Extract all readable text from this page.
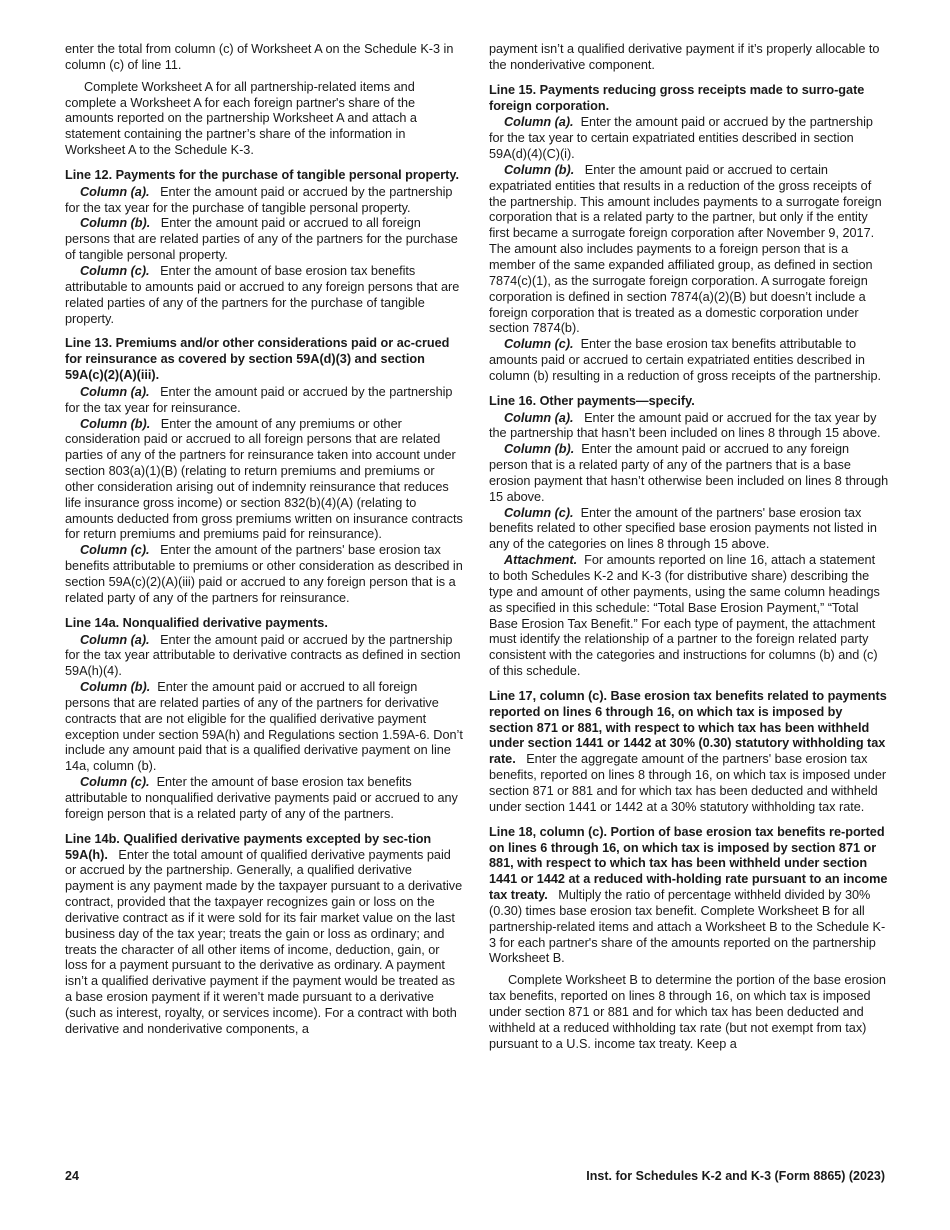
enter the total from column (c) of Worksheet A on the Schedule K-3 in column (c) of line 11.

Complete Worksheet A for all partnership-related items and complete a Worksheet A for each foreign partner's share of the amounts reported on the partnership Worksheet A and attach a statement containing the partner’s share of the information in Worksheet A to the Schedule K-3.

Line 12. Payments for the purchase of tangible personal property.

Column (a). Enter the amount paid or accrued by the partnership for the tax year for the purchase of tangible personal property.

Column (b). Enter the amount paid or accrued to all foreign persons that are related parties of any of the partners for the purchase of tangible personal property.

Column (c). Enter the amount of base erosion tax benefits attributable to amounts paid or accrued to any foreign persons that are related parties of any of the partners for the purchase of tangible property.

Line 13. Premiums and/or other considerations paid or ac-crued for reinsurance as covered by section 59A(d)(3) and section 59A(c)(2)(A)(iii).

Column (a). Enter the amount paid or accrued by the partnership for the tax year for reinsurance.

Column (b). Enter the amount of any premiums or other consideration paid or accrued to all foreign persons that are related parties of any of the partners for reinsurance taken into account under section 803(a)(1)(B) (relating to return premiums and premiums or other consideration arising out of indemnity reinsurance that reduces life insurance gross income) or section 832(b)(4)(A) (relating to amounts deducted from gross premiums written on insurance contracts for return premiums and premiums paid for reinsurance).

Column (c). Enter the amount of the partners' base erosion tax benefits attributable to premiums or other consideration as described in section 59A(c)(2)(A)(iii) paid or accrued to any foreign person that is a related party of any of the partners for reinsurance.

Line 14a. Nonqualified derivative payments.

Column (a). Enter the amount paid or accrued by the partnership for the tax year attributable to derivative contracts as defined in section 59A(h)(4).

Column (b). Enter the amount paid or accrued to all foreign persons that are related parties of any of the partners for derivative contracts that are not eligible for the qualified derivative payment exception under section 59A(h) and Regulations section 1.59A-6. Don’t include any amount paid that is a qualified derivative payment on line 14a, column (b).

Column (c). Enter the amount of base erosion tax benefits attributable to nonqualified derivative payments paid or accrued to any foreign person that is a related party of any of the partners.

Line 14b. Qualified derivative payments excepted by sec-tion 59A(h). Enter the total amount of qualified derivative payments paid or accrued by the partnership. Generally, a qualified derivative payment is any payment made by the taxpayer pursuant to a derivative contract, provided that the taxpayer recognizes gain or loss on the derivative contract as if it were sold for its fair market value on the last business day of the tax year; treats the gain or loss as ordinary; and treats the character of all other items of income, deduction, gain, or loss for a payment pursuant to the derivative as ordinary. A payment isn’t a qualified derivative payment if the payment would be treated as a base erosion payment if it weren’t made pursuant to a derivative (such as interest, royalty, or services income). For a contract with both derivative and nonderivative components, a

payment isn’t a qualified derivative payment if it’s properly allocable to the nonderivative component.

Line 15. Payments reducing gross receipts made to surro-gate foreign corporation.

Column (a). Enter the amount paid or accrued by the partnership for the tax year to certain expatriated entities described in section 59A(d)(4)(C)(i).

Column (b). Enter the amount paid or accrued to certain expatriated entities that results in a reduction of the gross receipts of the partnership. This amount includes payments to a surrogate foreign corporation that is a related party to the partner, but only if the entity first became a surrogate foreign corporation after November 9, 2017. The amount also includes payments to a foreign person that is a member of the same expanded affiliated group, as defined in section 7874(c)(1), as the surrogate foreign corporation. A surrogate foreign corporation is defined in section 7874(a)(2)(B) but doesn’t include a foreign corporation that is treated as a domestic corporation under section 7874(b).

Column (c). Enter the base erosion tax benefits attributable to amounts paid or accrued to certain expatriated entities described in column (b) resulting in a reduction of gross receipts of the partnership.

Line 16. Other payments—specify.

Column (a). Enter the amount paid or accrued for the tax year by the partnership that hasn’t been included on lines 8 through 15 above.

Column (b). Enter the amount paid or accrued to any foreign person that is a related party of any of the partners that is a base erosion payment that hasn’t otherwise been included on lines 8 through 15 above.

Column (c). Enter the amount of the partners' base erosion tax benefits related to other specified base erosion payments not listed in any of the categories on lines 8 through 15 above.

Attachment. For amounts reported on line 16, attach a statement to both Schedules K-2 and K-3 (for distributive share) describing the type and amount of other payments, using the same column headings as specified in this schedule: “Total Base Erosion Payment,” “Total Base Erosion Tax Benefit.” For each type of payment, the attachment must identify the relationship of a partner to the foreign related party consistent with the categories and instructions for columns (b) and (c) of this schedule.

Line 17, column (c). Base erosion tax benefits related to payments reported on lines 6 through 16, on which tax is imposed by section 871 or 881, with respect to which tax has been withheld under section 1441 or 1442 at 30% (0.30) statutory withholding tax rate. Enter the aggregate amount of the partners' base erosion tax benefits, reported on lines 8 through 16, on which tax is imposed under section 871 or 881 and for which tax has been deducted and withheld under section 1441 or 1442 at a 30% statutory withholding tax rate.

Line 18, column (c). Portion of base erosion tax benefits re-ported on lines 6 through 16, on which tax is imposed by section 871 or 881, with respect to which tax has been withheld under section 1441 or 1442 at a reduced with-holding rate pursuant to an income tax treaty. Multiply the ratio of percentage withheld divided by 30% (0.30) times base erosion tax benefit. Complete Worksheet B for all partnership-related items and attach a Worksheet B to the Schedule K-3 for each partner's share of the amounts reported on the partnership Worksheet B.

Complete Worksheet B to determine the portion of the base erosion tax benefits, reported on lines 8 through 16, on which tax is imposed under section 871 or 881 and for which tax has been deducted and withheld at a reduced withholding tax rate (but not exempt from tax) pursuant to a U.S. income tax treaty. Keep a

24	Inst. for Schedules K-2 and K-3 (Form 8865) (2023)
